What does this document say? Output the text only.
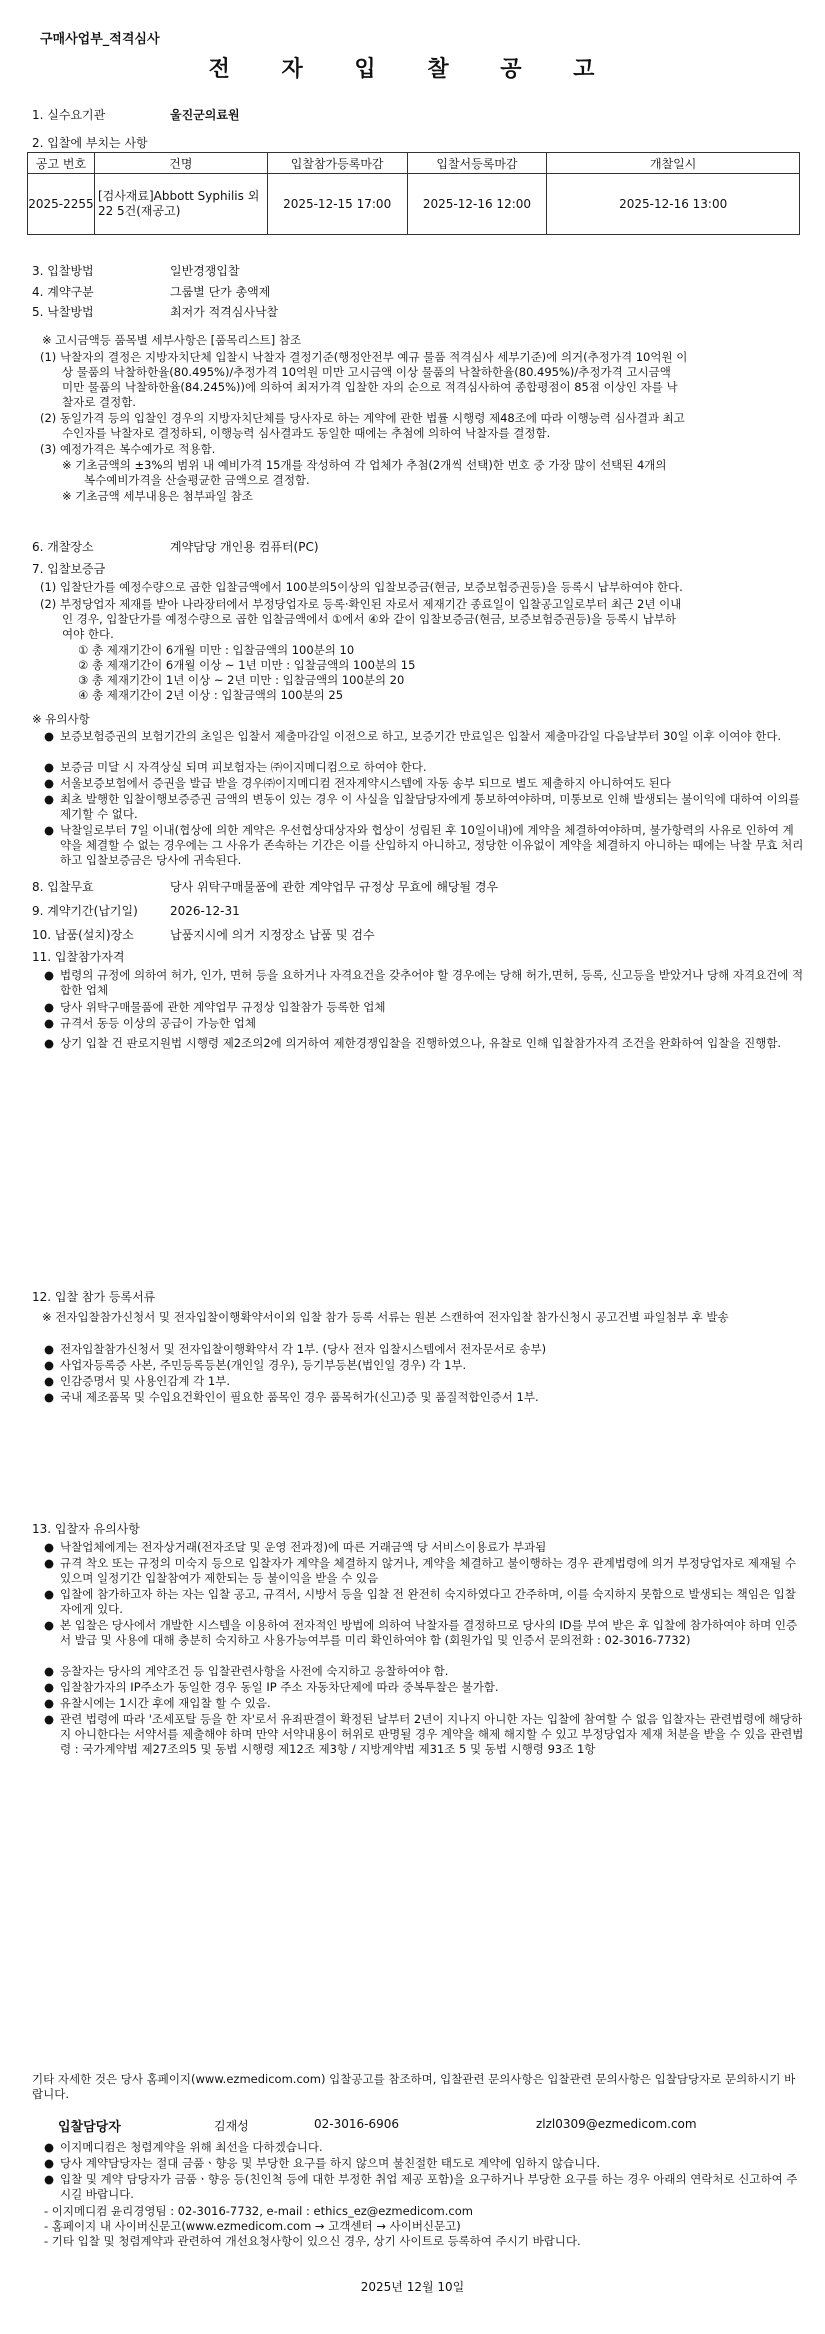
구매사업부_적격심사
전 자 입 찰 공 고
1. 실수요기관	울진군의료원
2. 입찰에 부치는 사항
공고 번호	건명	입찰참가등록마감	입찰서등록마감	개찰일시
2025-2255	[검사재료]Abbott Syphilis 외 22 5건(재공고)	2025-12-15 17:00	2025-12-16 12:00	2025-12-16 13:00
3. 입찰방법	일반경쟁입찰
4. 계약구분	그룹별 단가 총액제
5. 낙찰방법	최저가 적격심사낙찰
※ 고시금액등 품목별 세부사항은 [품목리스트] 참조
(1) 낙찰자의 결정은 지방자치단체 입찰시 낙찰자 결정기준(행정안전부 예규 물품 적격심사 세부기준)에 의거(추정가격 10억원 이
상 물품의 낙찰하한율(80.495%)/추정가격 10억원 미만 고시금액 이상 물품의 낙찰하한율(80.495%)/추정가격 고시금액
미만 물품의 낙찰하한율(84.245%))에 의하여 최저가격 입찰한 자의 순으로 적격심사하여 종합평점이 85점 이상인 자를 낙
찰자로 결정함.
(2) 동일가격 등의 입찰인 경우의 지방자치단체를 당사자로 하는 계약에 관한 법률 시행령 제48조에 따라 이행능력 심사결과 최고
수인자를 낙찰자로 결정하되, 이행능력 심사결과도 동일한 때에는 추첨에 의하여 낙찰자를 결정함.
(3) 예정가격은 복수예가로 적용함.
※ 기초금액의 ±3%의 범위 내 예비가격 15개를 작성하여 각 업체가 추첨(2개씩 선택)한 번호 중 가장 많이 선택된 4개의
복수예비가격을 산술평균한 금액으로 결정함.
※ 기초금액 세부내용은 첨부파일 참조
6. 개찰장소	계약담당 개인용 컴퓨터(PC)
7. 입찰보증금
(1) 입찰단가를 예정수량으로 곱한 입찰금액에서 100분의5이상의 입찰보증금(현금, 보증보험증권등)을 등록시 납부하여야 한다.
(2) 부정당업자 제재를 받아 나라장터에서 부정당업자로 등록·확인된 자로서 제재기간 종료일이 입찰공고일로부터 최근 2년 이내
인 경우, 입찰단가를 예정수량으로 곱한 입찰금액에서 ①에서 ④와 같이 입찰보증금(현금, 보증보험증권등)을 등록시 납부하
여야 한다.
① 총 제재기간이 6개월 미만 : 입찰금액의 100분의 10
② 총 제재기간이 6개월 이상 ~ 1년 미만 : 입찰금액의 100분의 15
③ 총 제재기간이 1년 이상 ~ 2년 미만 : 입찰금액의 100분의 20
④ 총 제재기간이 2년 이상 : 입찰금액의 100분의 25
※ 유의사항
● 보증보험증권의 보험기간의 초일은 입찰서 제출마감일 이전으로 하고, 보증기간 만료일은 입찰서 제출마감일 다음날부터 30일 이후 이여야 한다.
● 보증금 미달 시 자격상실 되며 피보험자는 ㈜이지메디컴으로 하여야 한다.
● 서울보증보험에서 증권을 발급 받을 경우㈜이지메디컴 전자계약시스템에 자동 송부 되므로 별도 제출하지 아니하여도 된다
● 최초 발행한 입찰이행보증증권 금액의 변동이 있는 경우 이 사실을 입찰담당자에게 통보하여야하며, 미통보로 인해 발생되는 불이익에 대하여 이의를 제기할 수 없다.
● 낙찰일로부터 7일 이내(협상에 의한 계약은 우선협상대상자와 협상이 성립된 후 10일이내)에 계약을 체결하여야하며, 불가항력의 사유로 인하여 계약을 체결할 수 없는 경우에는 그 사유가 존속하는 기간은 이를 산입하지 아니하고, 정당한 이유없이 계약을 체결하지 아니하는 때에는 낙찰 무효 처리하고 입찰보증금은 당사에 귀속된다.
8. 입찰무효	당사 위탁구매물품에 관한 계약업무 규정상 무효에 해당될 경우
9. 계약기간(납기일)	2026-12-31
10. 납품(설치)장소	납품지시에 의거 지정장소 납품 및 검수
11. 입찰참가자격
● 법령의 규정에 의하여 허가, 인가, 면허 등을 요하거나 자격요건을 갖추어야 할 경우에는 당해 허가,면허, 등록, 신고등을 받았거나 당해 자격요건에 적합한 업체
● 당사 위탁구매물품에 관한 계약업무 규정상 입찰참가 등록한 업체
● 규격서 동등 이상의 공급이 가능한 업체
● 상기 입찰 건 판로지원법 시행령 제2조의2에 의거하여 제한경쟁입찰을 진행하였으나, 유찰로 인해 입찰참가자격 조건을 완화하여 입찰을 진행함.
12. 입찰 참가 등록서류
※ 전자입찰참가신청서 및 전자입찰이행확약서이외 입찰 참가 등록 서류는 원본 스캔하여 전자입찰 참가신청시 공고건별 파일첨부 후 발송
● 전자입찰참가신청서 및 전자입찰이행확약서 각 1부. (당사 전자 입찰시스템에서 전자문서로 송부)
● 사업자등록증 사본, 주민등록등본(개인일 경우), 등기부등본(법인일 경우) 각 1부.
● 인감증명서 및 사용인감계 각 1부.
● 국내 제조품목 및 수입요건확인이 필요한 품목인 경우 품목허가(신고)증 및 품질적합인증서 1부.
13. 입찰자 유의사항
● 낙찰업체에게는 전자상거래(전자조달 및 운영 전과정)에 따른 거래금액 당 서비스이용료가 부과됨
● 규격 착오 또는 규정의 미숙지 등으로 입찰자가 계약을 체결하지 않거나, 계약을 체결하고 불이행하는 경우 관계법령에 의거 부정당업자로 제재될 수 있으며 일정기간 입찰참여가 제한되는 등 불이익을 받을 수 있음
● 입찰에 참가하고자 하는 자는 입찰 공고, 규격서, 시방서 등을 입찰 전 완전히 숙지하였다고 간주하며, 이를 숙지하지 못함으로 발생되는 책임은 입찰자에게 있다.
● 본 입찰은 당사에서 개발한 시스템을 이용하여 전자적인 방법에 의하여 낙찰자를 결정하므로 당사의 ID를 부여 받은 후 입찰에 참가하여야 하며 인증서 발급 및 사용에 대해 충분히 숙지하고 사용가능여부를 미리 확인하여야 함 (회원가입 및 인증서 문의전화 : 02-3016-7732)
● 응찰자는 당사의 계약조건 등 입찰관련사항을 사전에 숙지하고 응찰하여야 함.
● 입찰참가자의 IP주소가 동일한 경우 동일 IP 주소 자동차단제에 따라 중복투찰은 불가함.
● 유찰시에는 1시간 후에 재입찰 할 수 있음.
● 관련 법령에 따라 '조세포탈 등을 한 자'로서 유죄판결이 확정된 날부터 2년이 지나지 아니한 자는 입찰에 참여할 수 없음 입찰자는 관련법령에 해당하지 아니한다는 서약서를 제출해야 하며 만약 서약내용이 허위로 판명될 경우 계약을 해제 해지할 수 있고 부정당업자 제재 처분을 받을 수 있음 관련법령 : 국가계약법 제27조의5 및 동법 시행령 제12조 제3항 / 지방계약법 제31조 5 및 동법 시행령 93조 1항
기타 자세한 것은 당사 홈페이지(www.ezmedicom.com) 입찰공고를 참조하며, 입찰관련 문의사항은 입찰관련 문의사항은 입찰담당자로 문의하시기 바랍니다.
입찰담당자	김재성	02-3016-6906	zlzl0309@ezmedicom.com
● 이지메디컴은 청렴계약을 위해 최선을 다하겠습니다.
● 당사 계약담당자는 절대 금품ㆍ향응 및 부당한 요구를 하지 않으며 불친절한 태도로 계약에 임하지 않습니다.
● 입찰 및 계약 담당자가 금품ㆍ향응 등(친인척 등에 대한 부정한 취업 제공 포함)을 요구하거나 부당한 요구를 하는 경우 아래의 연락처로 신고하여 주시길 바랍니다.
- 이지메디컴 윤리경영팀 : 02-3016-7732, e-mail : ethics_ez@ezmedicom.com
- 홈페이지 내 사이버신문고(www.ezmedicom.com → 고객센터 → 사이버신문고)
- 기타 입찰 및 청렴계약과 관련하여 개선요청사항이 있으신 경우, 상기 사이트로 등록하여 주시기 바랍니다.
2025년 12월 10일
